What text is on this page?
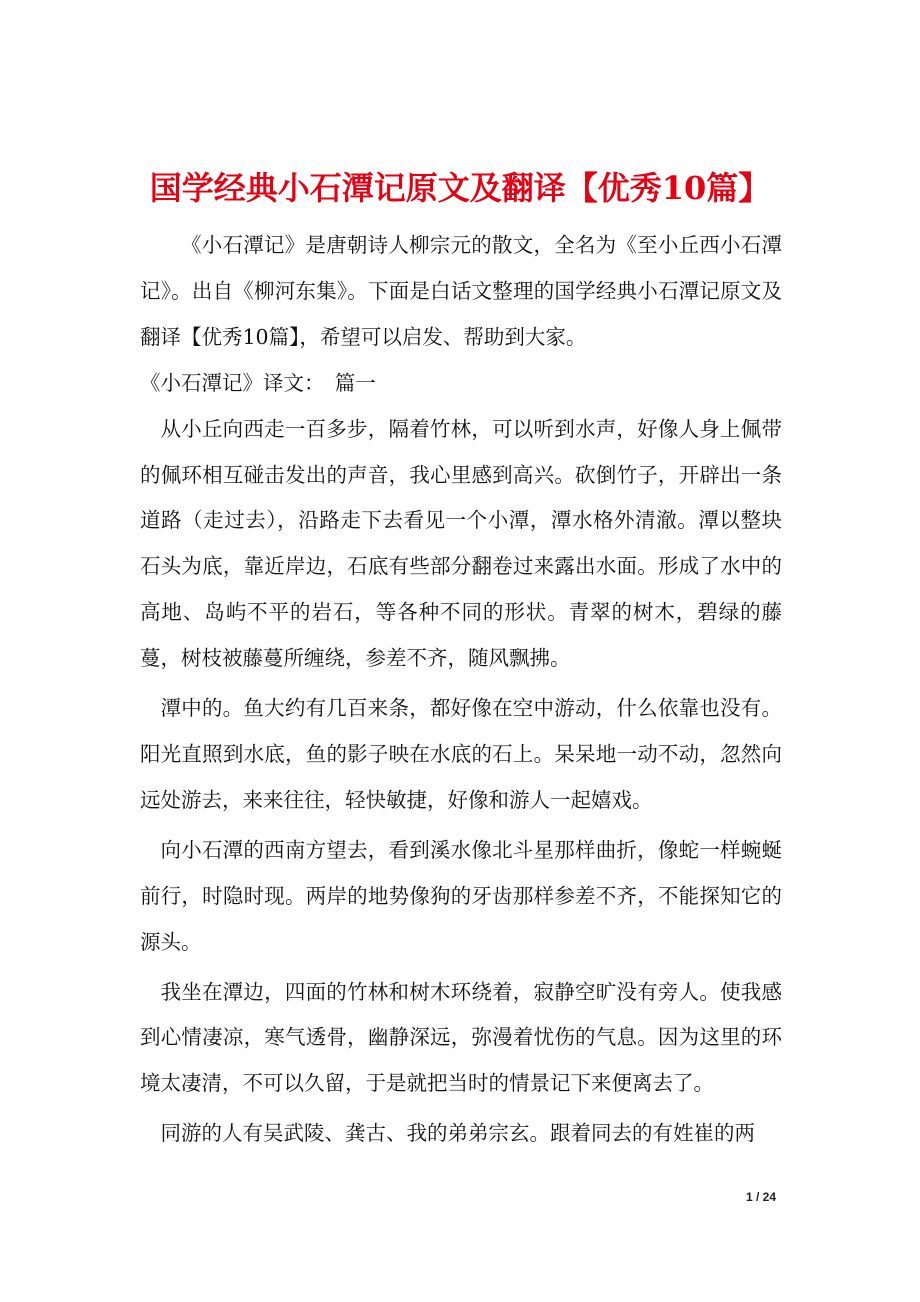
国学经典小石潭记原文及翻译【优秀10篇】

《小石潭记》是唐朝诗人柳宗元的散文，全名为《至小丘西小石潭记》。出自《柳河东集》。下面是白话文整理的国学经典小石潭记原文及翻译【优秀10篇】，希望可以启发、帮助到大家。

《小石潭记》译文：　篇一

从小丘向西走一百多步，隔着竹林，可以听到水声，好像人身上佩带的佩环相互碰击发出的声音，我心里感到高兴。砍倒竹子，开辟出一条道路（走过去），沿路走下去看见一个小潭，潭水格外清澈。潭以整块石头为底，靠近岸边，石底有些部分翻卷过来露出水面。形成了水中的高地、岛屿不平的岩石，等各种不同的形状。青翠的树木，碧绿的藤蔓，树枝被藤蔓所缠绕，参差不齐，随风飘拂。

潭中的。鱼大约有几百来条，都好像在空中游动，什么依靠也没有。阳光直照到水底，鱼的影子映在水底的石上。呆呆地一动不动，忽然向远处游去，来来往往，轻快敏捷，好像和游人一起嬉戏。

向小石潭的西南方望去，看到溪水像北斗星那样曲折，像蛇一样蜿蜒前行，时隐时现。两岸的地势像狗的牙齿那样参差不齐，不能探知它的源头。

我坐在潭边，四面的竹林和树木环绕着，寂静空旷没有旁人。使我感到心情凄凉，寒气透骨，幽静深远，弥漫着忧伤的气息。因为这里的环境太凄清，不可以久留，于是就把当时的情景记下来便离去了。

同游的人有吴武陵、龚古、我的弟弟宗玄。跟着同去的有姓崔的两

1 / 24
